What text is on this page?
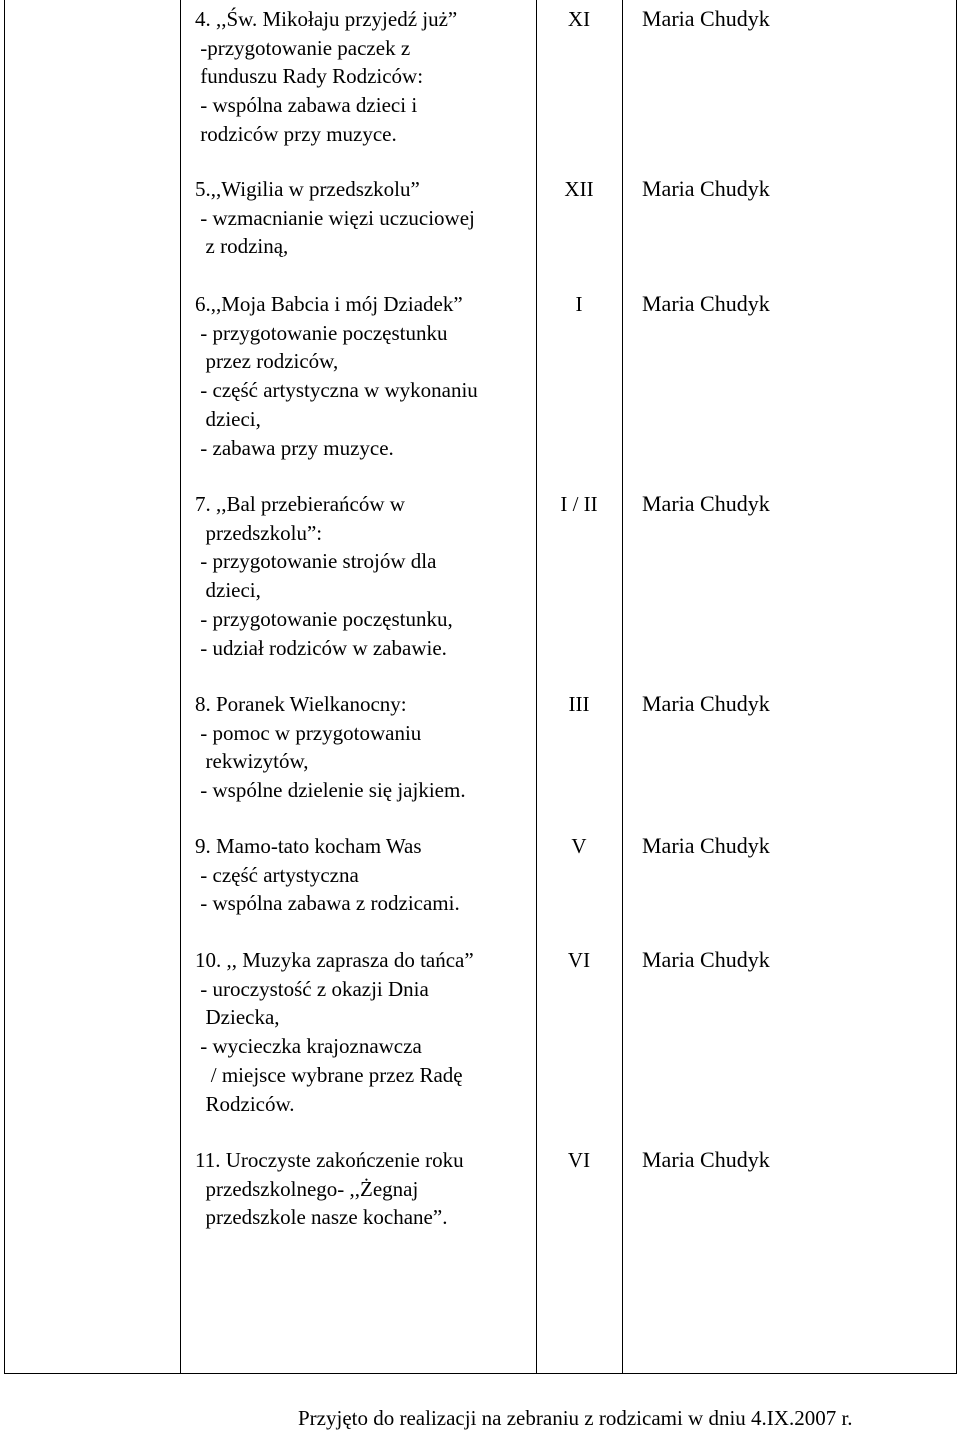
4. ,,Św. Mikołaju przyjedź już”
-przygotowanie paczek z
funduszu Rady Rodziców:
- wspólna zabawa dzieci i
rodziców przy muzyce.
XI	Maria Chudyk
5.,,Wigilia w przedszkolu”
- wzmacnianie więzi uczuciowej
z rodziną,
XII	Maria Chudyk
6.,,Moja Babcia i mój Dziadek”
- przygotowanie poczęstunku
przez rodziców,
- część artystyczna w wykonaniu
dzieci,
- zabawa przy muzyce.
I	Maria Chudyk
7. ,,Bal przebierańców w
przedszkolu”:
- przygotowanie strojów dla
dzieci,
- przygotowanie poczęstunku,
- udział rodziców w zabawie.
I / II	Maria Chudyk
8. Poranek Wielkanocny:
- pomoc w przygotowaniu
rekwizytów,
- wspólne dzielenie się jajkiem.
III	Maria Chudyk
9. Mamo-tato kocham Was
- część artystyczna
- wspólna zabawa z rodzicami.
V	Maria Chudyk
10. ,, Muzyka zaprasza do tańca”
- uroczystość z okazji Dnia
Dziecka,
- wycieczka krajoznawcza
/ miejsce wybrane przez Radę
Rodziców.
VI	Maria Chudyk
11. Uroczyste zakończenie roku
przedszkolnego- ,,Żegnaj
przedszkole nasze kochane”.
VI	Maria Chudyk
Przyjęto do realizacji na zebraniu z rodzicami w dniu 4.IX.2007 r.
